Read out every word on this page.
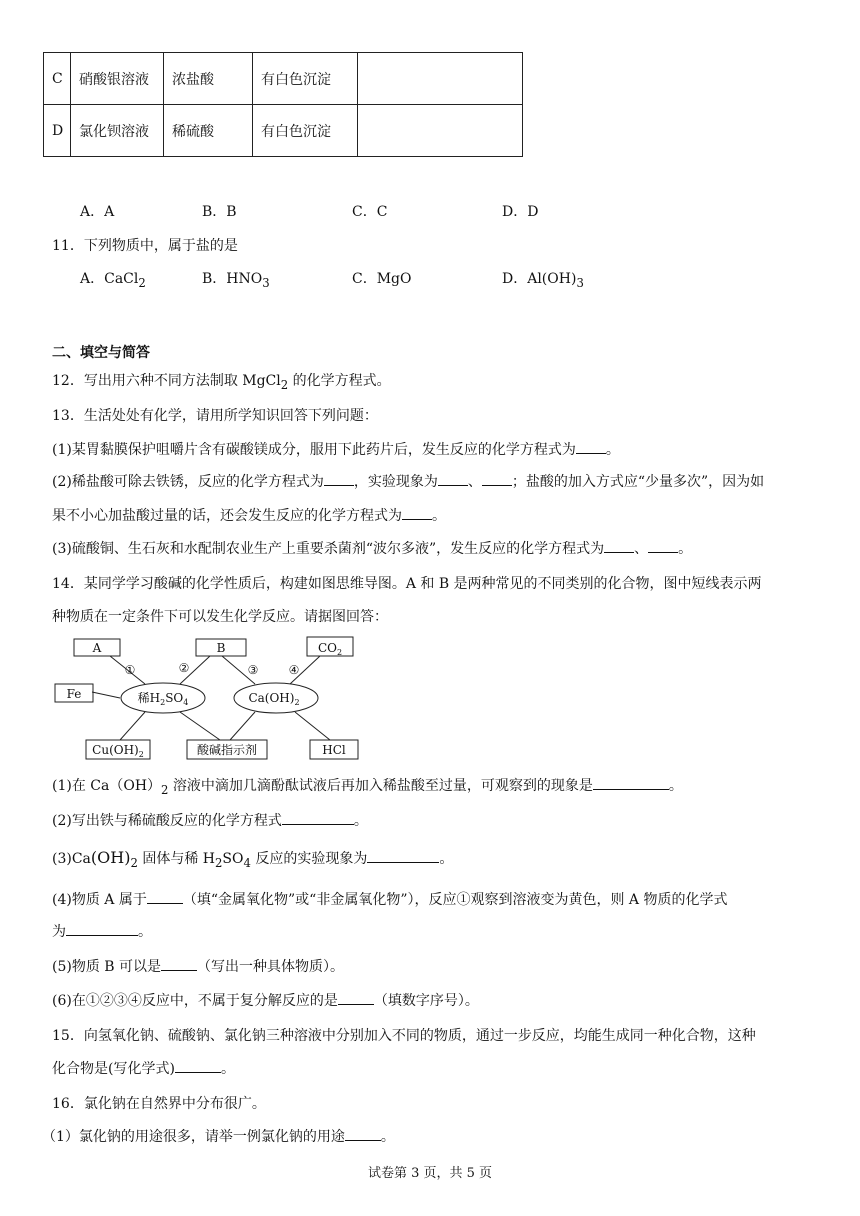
C	硝酸银溶液	浓盐酸	有白色沉淀	
D	氯化钡溶液	稀硫酸	有白色沉淀	
A．A	B．B	C．C	D．D
11．下列物质中，属于盐的是
A．CaCl$_2$	B．$HNO_3$	C．MgO	D．$Al(OH)_3$
二、填空与简答
12．写出用六种不同方法制取 MgCl$_2$ 的化学方程式。
13．生活处处有化学，请用所学知识回答下列问题：
(1)某胃黏膜保护咀嚼片含有碳酸镁成分，服用下此药片后，发生反应的化学方程式为 。
(2)稀盐酸可除去铁锈，反应的化学方程式为 ，实验现象为 、 ；盐酸的加入方式应“少量多次”，因为如
果不小心加盐酸过量的话，还会发生反应的化学方程式为 。
(3)硫酸铜、生石灰和水配制农业生产上重要杀菌剂“波尔多液”，发生反应的化学方程式为 、 。
14．某同学学习酸碱的化学性质后，构建如图思维导图。A 和 B 是两种常见的不同类别的化合物，图中短线表示两
种物质在一定条件下可以发生化学反应。请据图回答：
A	B	$CO_2$
Fe	稀$H_2SO_4$	$Ca(OH)_2$
$Cu(OH)_2$	酸碱指示剂	HCl
①	②	③	④
(1)在 $Ca(OH)_2$ 溶液中滴加几滴酚酞试液后再加入稀盐酸至过量，可观察到的现象是	。
(2)写出铁与稀硫酸反应的化学方程式	。
$(3)Ca(OH)_2$ 固体与稀 $H_2SO_4$ 反应的实验现象为	。
(4)物质 A 属于	（填“金属氧化物”或“非金属氧化物”），反应①观察到溶液变为黄色，则 A 物质的化学式
为	。
(5)物质 B 可以是	（写出一种具体物质）。
(6)在①②③④反应中，不属于复分解反应的是	（填数字序号）。
15．向氢氧化钠、硫酸钠、氯化钠三种溶液中分别加入不同的物质，通过一步反应，均能生成同一种化合物，这种
化合物是(写化学式)	。
16．氯化钠在自然界中分布很广。
（1）氯化钠的用途很多，请举一例氯化钠的用途	。
试卷第 3 页，共 5 页
